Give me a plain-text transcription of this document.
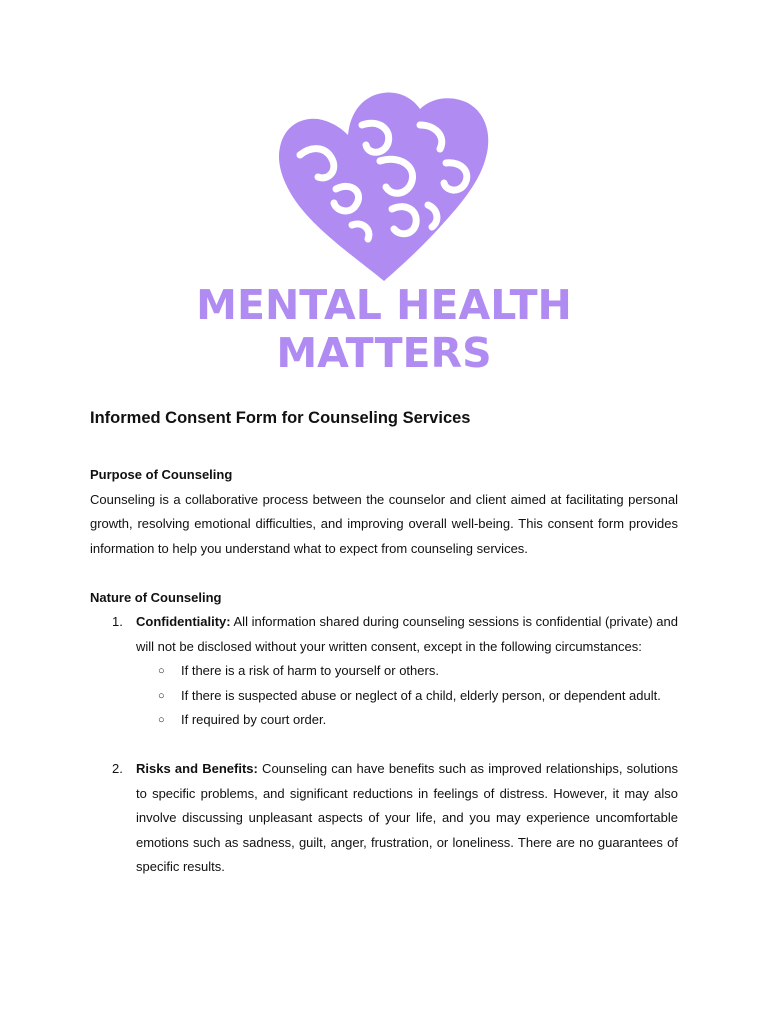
MENTAL HEALTH
MATTERS
Informed Consent Form for Counseling Services
Purpose of Counseling

Counseling is a collaborative process between the counselor and client aimed at facilitating personal growth, resolving emotional difficulties, and improving overall well-being. This consent form provides information to help you understand what to expect from counseling services.

Nature of Counseling
1. Confidentiality: All information shared during counseling sessions is confidential (private) and will not be disclosed without your written consent, except in the following circumstances:
○ If there is a risk of harm to yourself or others.
○ If there is suspected abuse or neglect of a child, elderly person, or dependent adult.
○ If required by court order.
2. Risks and Benefits: Counseling can have benefits such as improved relationships, solutions to specific problems, and significant reductions in feelings of distress. However, it may also involve discussing unpleasant aspects of your life, and you may experience uncomfortable emotions such as sadness, guilt, anger, frustration, or loneliness. There are no guarantees of specific results.
